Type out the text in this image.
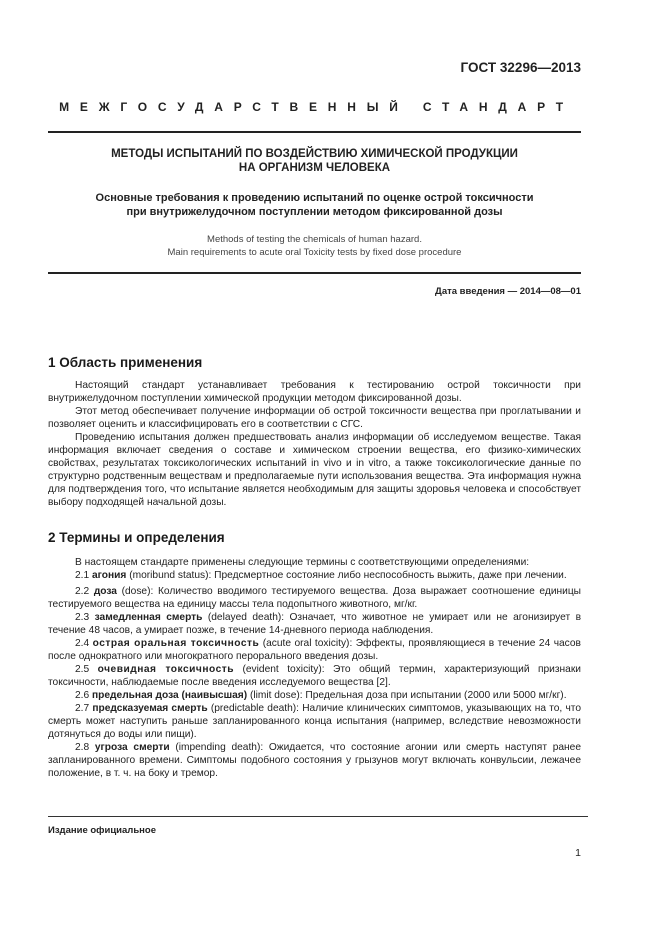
ГОСТ 32296—2013
МЕЖГОСУДАРСТВЕННЫЙ СТАНДАРТ
МЕТОДЫ ИСПЫТАНИЙ ПО ВОЗДЕЙСТВИЮ ХИМИЧЕСКОЙ ПРОДУКЦИИ
НА ОРГАНИЗМ ЧЕЛОВЕКА
Основные требования к проведению испытаний по оценке острой токсичности
при внутрижелудочном поступлении методом фиксированной дозы
Methods of testing the chemicals of human hazard.
Main requirements to acute oral Toxicity tests by fixed dose procedure
Дата введения — 2014—08—01
1 Область применения

Настоящий стандарт устанавливает требования к тестированию острой токсичности при внутрижелудочном поступлении химической продукции методом фиксированной дозы.

Этот метод обеспечивает получение информации об острой токсичности вещества при проглатывании и позволяет оценить и классифицировать его в соответствии с СГС.

Проведению испытания должен предшествовать анализ информации об исследуемом веществе. Такая информация включает сведения о составе и химическом строении вещества, его физико-химических свойствах, результатах токсикологических испытаний in vivo и in vitro, а также токсикологические данные по структурно родственным веществам и предполагаемые пути использования вещества. Эта информация нужна для подтверждения того, что испытание является необходимым для защиты здоровья человека и способствует выбору подходящей начальной дозы.

2 Термины и определения

В настоящем стандарте применены следующие термины с соответствующими определениями:

2.1 агония (moribund status): Предсмертное состояние либо неспособность выжить, даже при лечении.

2.2 доза (dose): Количество вводимого тестируемого вещества. Доза выражает соотношение единицы тестируемого вещества на единицу массы тела подопытного животного, мг/кг.

2.3 замедленная смерть (delayed death): Означает, что животное не умирает или не агонизирует в течение 48 часов, а умирает позже, в течение 14-дневного периода наблюдения.

2.4 острая оральная токсичность (acute oral toxicity): Эффекты, проявляющиеся в течение 24 часов после однократного или многократного перорального введения дозы.

2.5 очевидная токсичность (evident toxicity): Это общий термин, характеризующий признаки токсичности, наблюдаемые после введения исследуемого вещества [2].

2.6 предельная доза (наивысшая) (limit dose): Предельная доза при испытании (2000 или 5000 мг/кг).

2.7 предсказуемая смерть (predictable death): Наличие клинических симптомов, указывающих на то, что смерть может наступить раньше запланированного конца испытания (например, вследствие невозможности дотянуться до воды или пищи).

2.8 угроза смерти (impending death): Ожидается, что состояние агонии или смерть наступят ранее запланированного времени. Симптомы подобного состояния у грызунов могут включать конвульсии, лежачее положение, в т. ч. на боку и тремор.

Издание официальное
1
